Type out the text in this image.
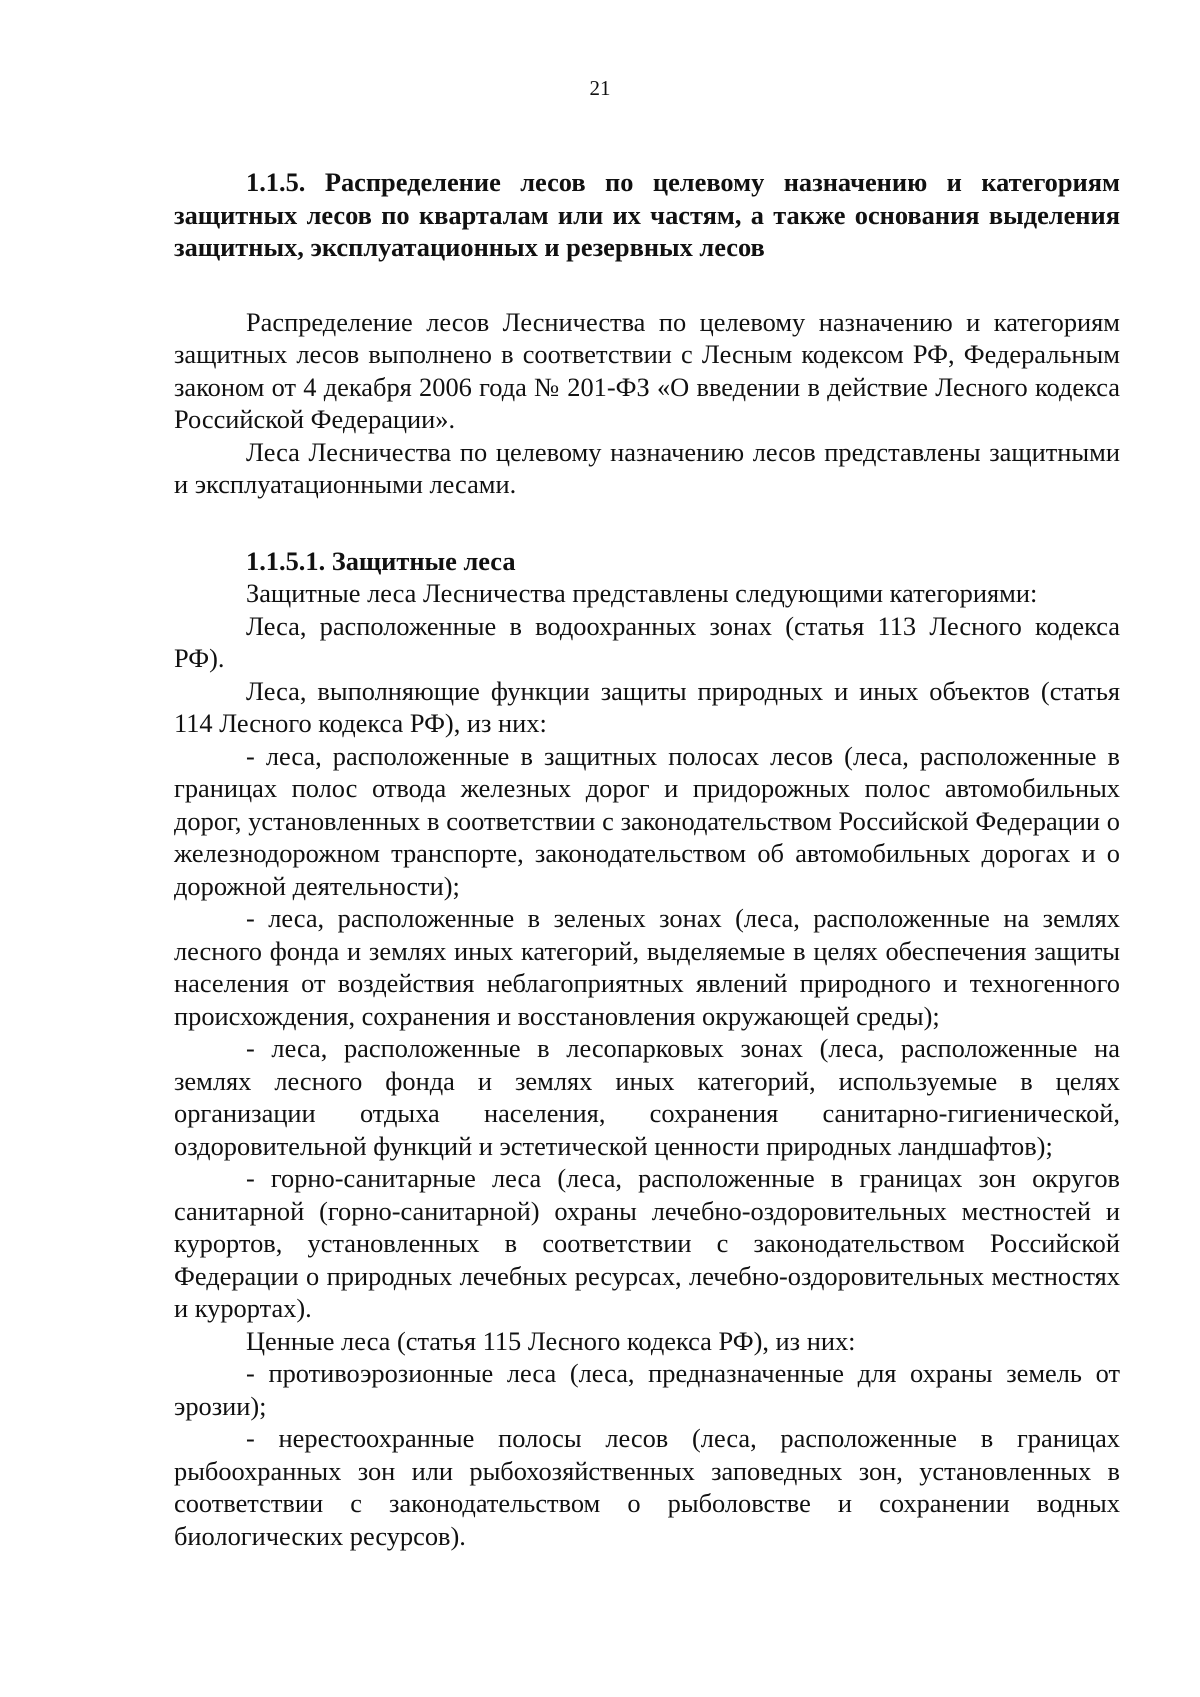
21

1.1.5. Распределение лесов по целевому назначению и категориям защитных лесов по кварталам или их частям, а также основания выделения защитных, эксплуатационных и резервных лесов

Распределение лесов Лесничества по целевому назначению и категориям защитных лесов выполнено в соответствии с Лесным кодексом РФ, Федеральным законом от 4 декабря 2006 года № 201-ФЗ «О введении в действие Лесного кодекса Российской Федерации».

Леса Лесничества по целевому назначению лесов представлены защитными и эксплуатационными лесами.

1.1.5.1. Защитные леса

Защитные леса Лесничества представлены следующими категориями:

Леса, расположенные в водоохранных зонах (статья 113 Лесного кодекса РФ).

Леса, выполняющие функции защиты природных и иных объектов (статья 114 Лесного кодекса РФ), из них:

- леса, расположенные в защитных полосах лесов (леса, расположенные в границах полос отвода железных дорог и придорожных полос автомобильных дорог, установленных в соответствии с законодательством Российской Федерации о железнодорожном транспорте, законодательством об автомобильных дорогах и о дорожной деятельности);

- леса, расположенные в зеленых зонах (леса, расположенные на землях лесного фонда и землях иных категорий, выделяемые в целях обеспечения защиты населения от воздействия неблагоприятных явлений природного и техногенного происхождения, сохранения и восстановления окружающей среды);

- леса, расположенные в лесопарковых зонах (леса, расположенные на землях лесного фонда и землях иных категорий, используемые в целях организации отдыха населения, сохранения санитарно-гигиенической, оздоровительной функций и эстетической ценности природных ландшафтов);

- горно-санитарные леса (леса, расположенные в границах зон округов санитарной (горно-санитарной) охраны лечебно-оздоровительных местностей и курортов, установленных в соответствии с законодательством Российской Федерации о природных лечебных ресурсах, лечебно-оздоровительных местностях и курортах).

Ценные леса (статья 115 Лесного кодекса РФ), из них:

- противоэрозионные леса (леса, предназначенные для охраны земель от эрозии);

- нерестоохранные полосы лесов (леса, расположенные в границах рыбоохранных зон или рыбохозяйственных заповедных зон, установленных в соответствии с законодательством о рыболовстве и сохранении водных биологических ресурсов).
